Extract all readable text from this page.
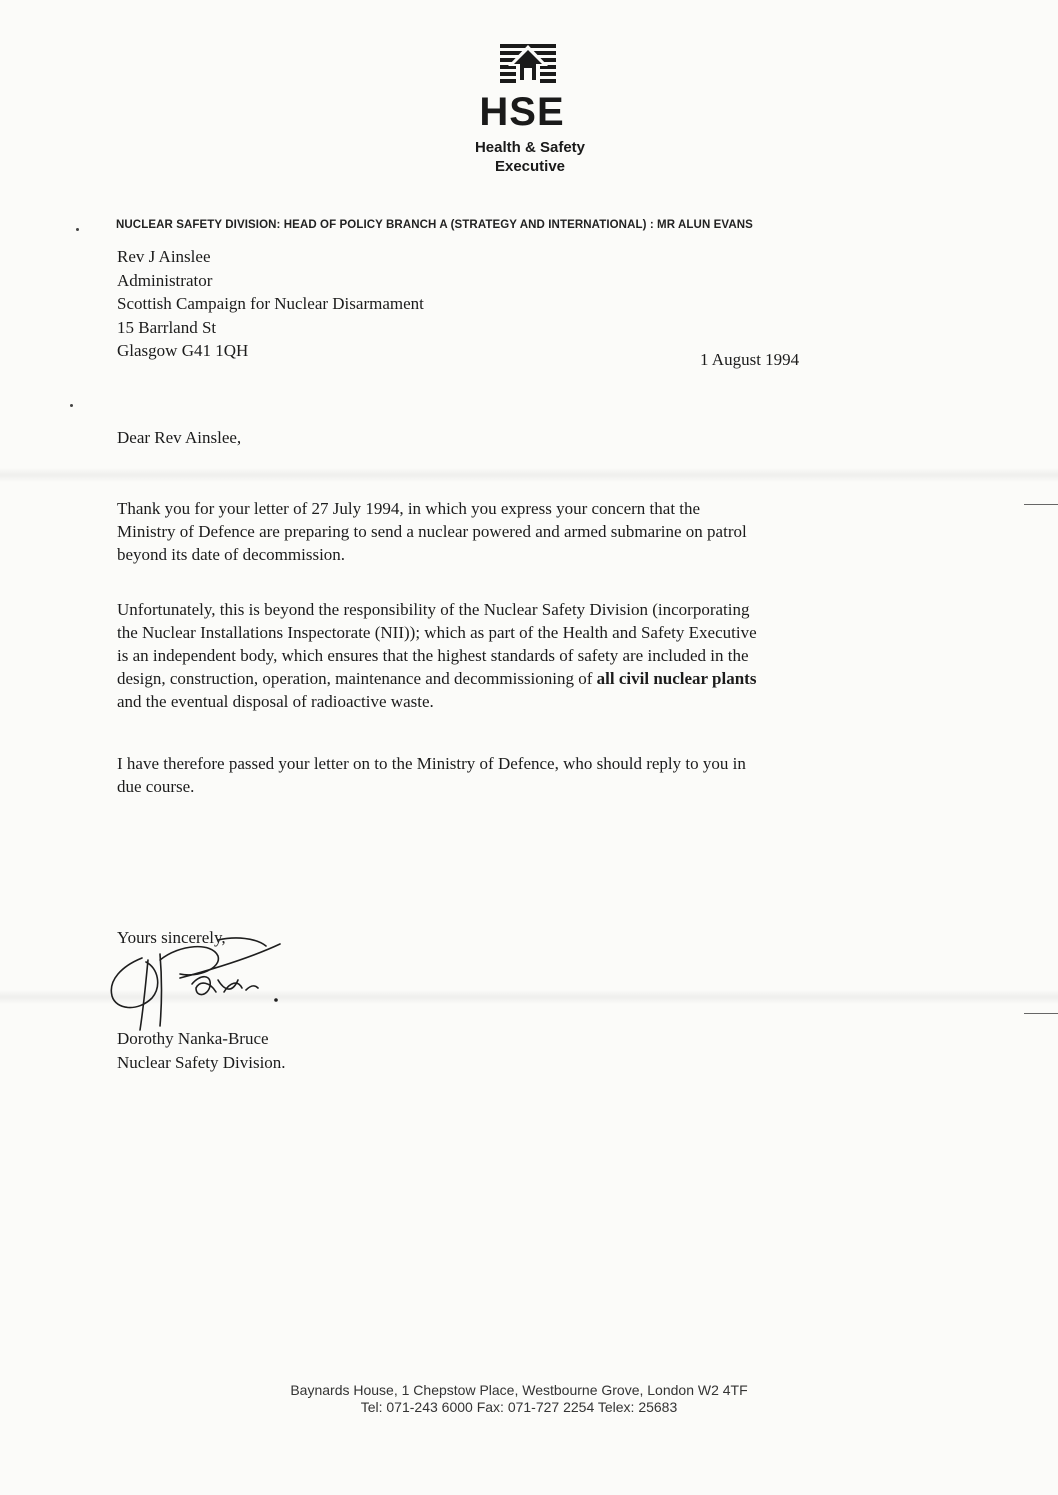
HSE
Health & Safety
Executive
NUCLEAR SAFETY DIVISION: HEAD OF POLICY BRANCH A (STRATEGY AND INTERNATIONAL) : MR ALUN EVANS
Rev J Ainslee
Administrator
Scottish Campaign for Nuclear Disarmament
15 Barrland St
Glasgow G41 1QH	1 August 1994
Dear Rev Ainslee,

Thank you for your letter of 27 July 1994, in which you express your concern that the

Ministry of Defence are preparing to send a nuclear powered and armed submarine on patrol

beyond its date of decommission.

Unfortunately, this is beyond the responsibility of the Nuclear Safety Division (incorporating

the Nuclear Installations Inspectorate (NII)); which as part of the Health and Safety Executive

is an independent body, which ensures that the highest standards of safety are included in the

design, construction, operation, maintenance and decommissioning of all civil nuclear plants

and the eventual disposal of radioactive waste.

I have therefore passed your letter on to the Ministry of Defence, who should reply to you in

due course.

Yours sincerely,
Dorothy Nanka-Bruce
Nuclear Safety Division.
Baynards House, 1 Chepstow Place, Westbourne Grove, London W2 4TF
Tel: 071-243 6000 Fax: 071-727 2254 Telex: 25683
